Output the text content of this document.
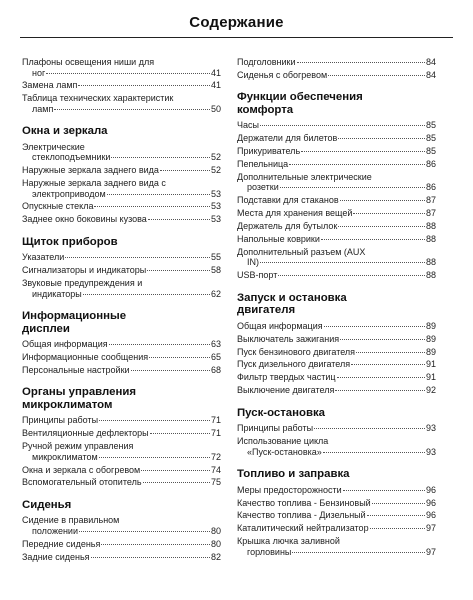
Содержание
Плафоны освещения ниши для
ног	41
Замена ламп	41
Таблица технических характеристик
ламп	50
Окна и зеркала
Электрические
стеклоподъемники	52
Наружные зеркала заднего вида	52
Наружные зеркала заднего вида с
электроприводом	53
Опускные стекла	53
Заднее окно боковины кузова	53
Щиток приборов
Указатели	55
Сигнализаторы и индикаторы	58
Звуковые предупреждения и
индикаторы	62
Информационные
дисплеи
Общая информация	63
Информационные сообщения	65
Персональные настройки	68
Органы управления
микроклиматом
Принципы работы	71
Вентиляционные дефлекторы	71
Ручной режим управления
микроклиматом	72
Окна и зеркала с обогревом	74
Вспомогательный отопитель	75
Сиденья
Сидение в правильном
положении	80
Передние сиденья	80
Задние сиденья	82
Подголовники	84
Сиденья с обогревом	84
Функции обеспечения
комфорта
Часы	85
Держатели для билетов	85
Прикуриватель	85
Пепельница	86
Дополнительные электрические
розетки	86
Подставки для стаканов	87
Места для хранения вещей	87
Держатель для бутылок	88
Напольные коврики	88
Дополнительный разъем (AUX
IN)	88
USB-порт	88
Запуск и остановка
двигателя
Общая информация	89
Выключатель зажигания	89
Пуск бензинового двигателя	89
Пуск дизельного двигателя	91
Фильтр твердых частиц	91
Выключение двигателя	92
Пуск-остановка
Принципы работы	93
Использование цикла
«Пуск-остановка»	93
Топливо и заправка
Меры предосторожности	96
Качество топлива - Бензиновый	96
Качество топлива - Дизельный	96
Каталитический нейтрализатор	97
Крышка лючка заливной
горловины	97
